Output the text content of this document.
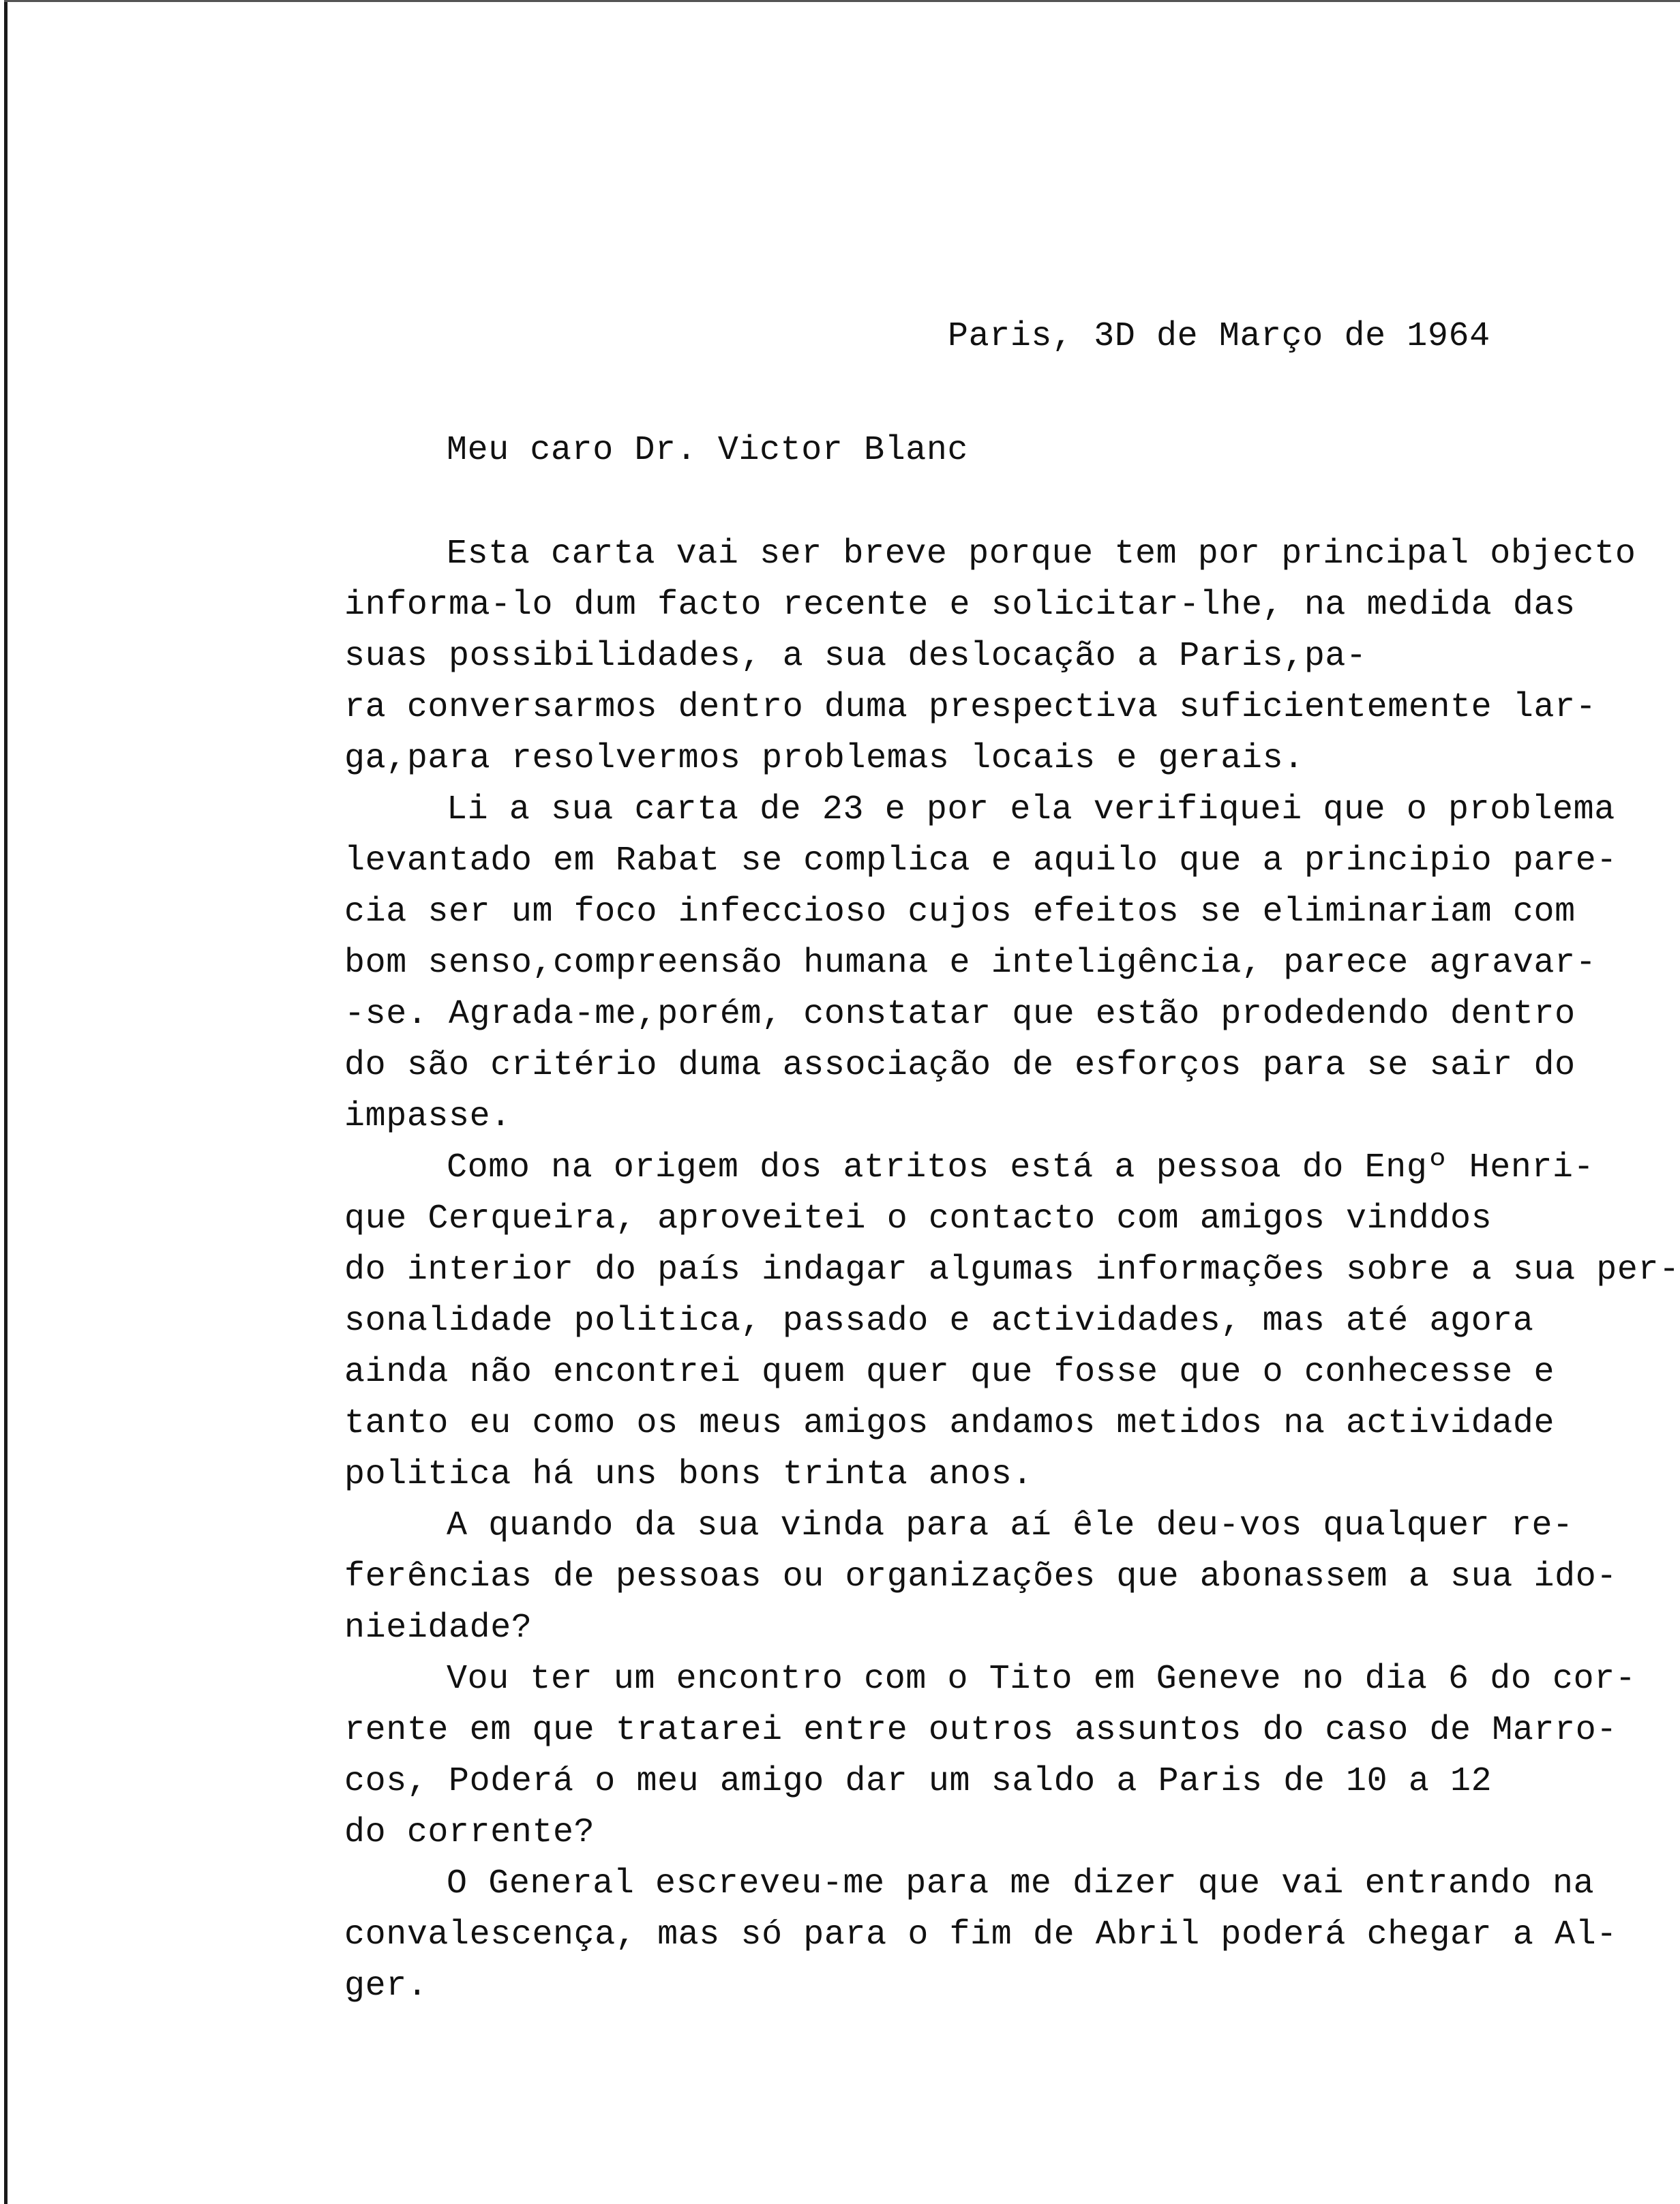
Paris, 3D de Março de 1964
Meu caro Dr. Victor Blanc
Esta carta vai ser breve porque tem por principal objecto
informa-lo dum facto recente e solicitar-lhe, na medida das
suas possibilidades, a sua deslocação a Paris,pa-
ra conversarmos dentro duma prespectiva suficientemente lar-
ga,para resolvermos problemas locais e gerais.
Li a sua carta de 23 e por ela verifiquei que o problema
levantado em Rabat se complica e aquilo que a principio pare-
cia ser um foco infeccioso cujos efeitos se eliminariam com
bom senso,compreensão humana e inteligência, parece agravar-
-se. Agrada-me,porém, constatar que estão prodedendo dentro
do são critério duma associação de esforços para se sair do
impasse.
Como na origem dos atritos está a pessoa do Engº Henri-
que Cerqueira, aproveitei o contacto com amigos vinddos
do interior do país indagar algumas informações sobre a sua per-
sonalidade politica, passado e actividades, mas até agora
ainda não encontrei quem quer que fosse que o conhecesse e
tanto eu como os meus amigos andamos metidos na actividade
politica há uns bons trinta anos.
A quando da sua vinda para aí êle deu-vos qualquer re-
ferências de pessoas ou organizações que abonassem a sua ido-
nieidade?
Vou ter um encontro com o Tito em Geneve no dia 6 do cor-
rente em que tratarei entre outros assuntos do caso de Marro-
cos, Poderá o meu amigo dar um saldo a Paris de 10 a 12
do corrente?
O General escreveu-me para me dizer que vai entrando na
convalescença, mas só para o fim de Abril poderá chegar a Al-
ger.
